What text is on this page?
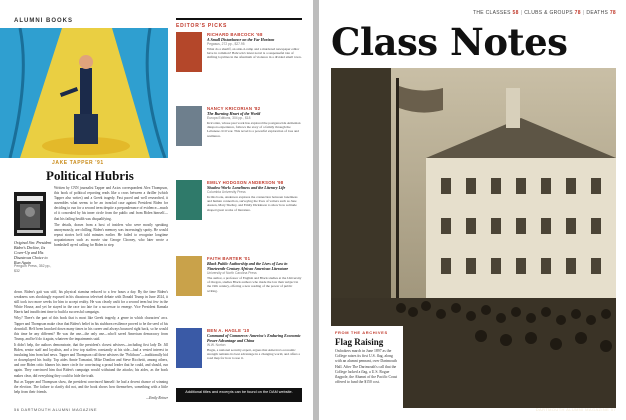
ALUMNI BOOKS
JAKE TAPPER '91
Political Hubris
Original Sin: President Biden's Decline, Its Cover-Up and His Disastrous Choice to Run Again
Penguin Press, 352 pp., $32

Written by CNN journalist Tapper and Axios correspondent Alex Thompson, this book of political reporting reads like a cross between a thriller (which Tapper also writes) and a Greek tragedy. Fast paced and well researched, it assembles what seems to be an ironclad case against President Biden for deciding to run for a second term despite a preponderance of evidence—much of it concealed by his inner circle from the public and from Biden himself—that his failing health was disqualifying.

The details, drawn from a host of insiders who were mostly speaking anonymously, are chilling. Biden's memory was increasingly spotty. He would repeat stories he'd told minutes earlier. He failed to recognize longtime acquaintances such as movie star George Clooney, who later wrote a bombshell op-ed calling for Biden to step

down. Biden's gait was stiff, his physical stamina reduced to a few hours a day. By the time Biden's weakness was shockingly exposed in his disastrous televised debate with Donald Trump in June 2024, it still took two more weeks for him to accept reality. He was clearly unfit for a second term but few in the White House, and yet he stayed in the race too late for a successor to emerge. Vice President Kamala Harris had insufficient time to build a successful campaign.

Why? There's the part of this book that is most like Greek tragedy, a genre in which characters' arcs. Tapper and Thompson make clear that Biden's belief in his stubborn resilience proved to be the seed of his downfall. He'd been knocked down many times in his career and always bounced right back, so he would this time be any different? He was the one—the only one—who'd saved American democracy from Trump, and he'd do it again, whatever the impairments said.

It didn't help, the authors demonstrate, that the president's closest advisers—including first lady Dr. Jill Biden, senior staff and loyalists, and a few top staffers constantly at his side—had a vested interest in insulating him from bad news. Tapper and Thompson call these advisers the "Politburo"—traditionally hid or downplayed his frailty. Top aides Annie Tomasini, Mike Donilon and Steve Ricchetti, among others, and one Biden critic blames his inner circle for convincing a proud leader that he could, and should, run again. They convinced him that Biden's campaign would withstand the attacks; his aides, as the book makes clear, did everything they could to hide the truth.

But as Tapper and Thompson show, the president convinced himself: he had a decent chance of winning the election. The failure to clarify did not, and the book shows how themselves, something with a little help from their friends.

—Emily Reiner

56 DARTMOUTH ALUMNI MAGAZINE
EDITOR'S PICKS
RICHARD BABCOCK '68
A Small Disturbance on the Far Horizon
Pegasus, 272 pp., $27.95
What do a sheriff, an aide-d-camp and a murdered newspaper editor have in common? Babcock's latest novel is a suspenseful tale of shifting loyalties in the aftermath of violence in a divided small town.
NANCY KRICORIAN '82
The Burning Heart of the World
Europa Editions, 304 pp., $18
Kricorian, whose past work has explored the postgenocide Armenian diaspora experience, follows the story of a family through the Lebanese civil war. This novel is a powerful exploration of loss and resilience.
EMILY HODGSON ANDERSON '98
Shadow Work: Loneliness and the Literary Life
Columbia University Press
In this book, Anderson explores the connection between loneliness and human connection, surveying the lives of writers such as Jane Austen, Mary Shelley, and Emily Dickinson to show how solitude shaped great works of literature.
FAITH BARTER '01
Black Public Authorship and the Lives of Law in Nineteenth-Century African American Literature
University of North Carolina Press
The author, a professor of English and Black studies at the University of Oregon, studies Black authors who made the law their subject in the 19th century, offering a new reading of the power of public writing.
BEN A. HAGLE '10
Command of Commerce: America's Enduring Economic Power Advantage and China
W.W. Norton
Hagle, a national security expert, argues that America's economic strength remains its best advantage in a changing world, and offers a road map for how to use it.
Additional titles and excerpts can be found on the DAM website.
THE CLASSES 58 | CLUBS & GROUPS 78 | DEATHS 78
Class Notes
FROM THE ARCHIVES
Flag Raising
Onlookers march in June 1897 as the College raises its first U.S. flag, along with an alumni pennant, over Dartmouth Hall. After The Dartmouth's call that the College lacked a flag, a U.S. Rogue flagpole, the Alumni of the Pacific Coast offered to fund the $150 cost.
DARTMOUTH ALUMNI MAGAZINE 57
